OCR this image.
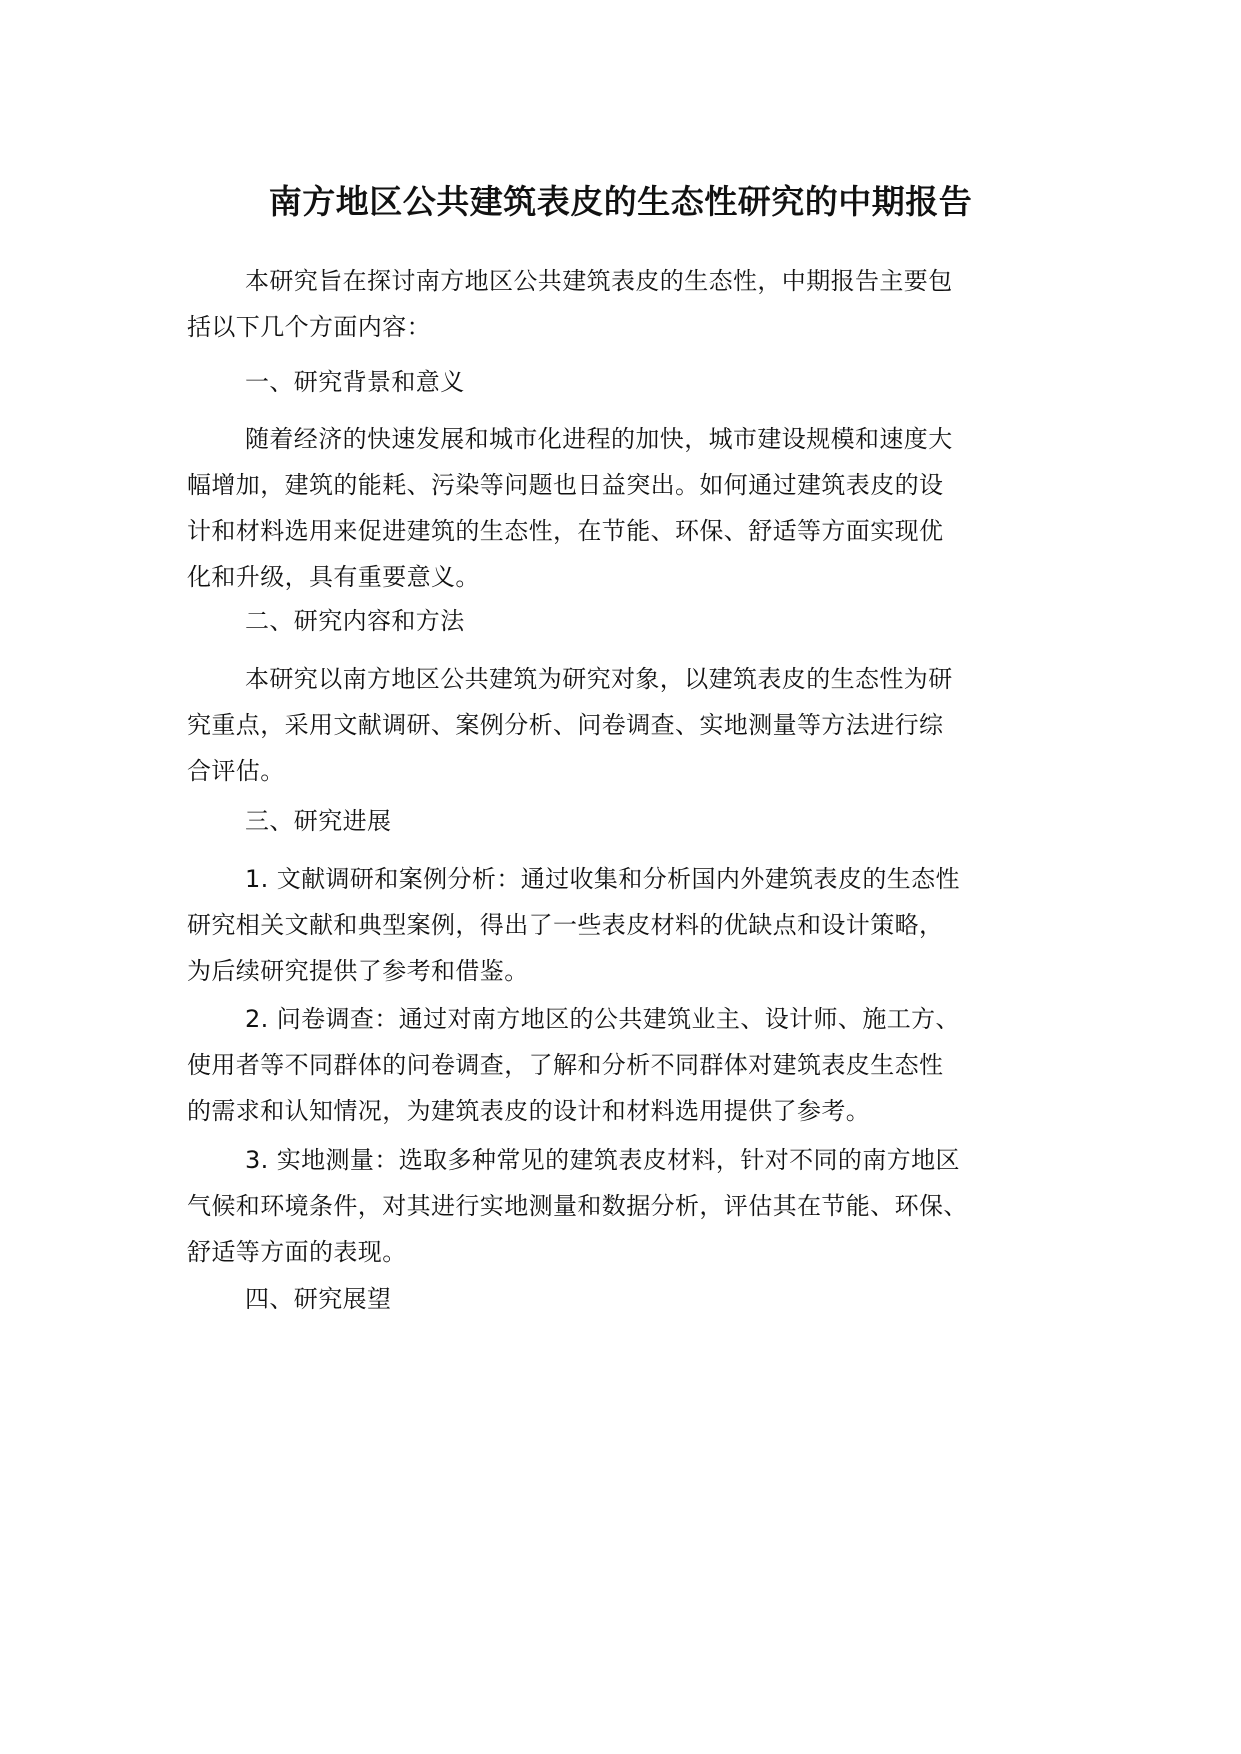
南方地区公共建筑表皮的生态性研究的中期报告

本研究旨在探讨南方地区公共建筑表皮的生态性，中期报告主要包
括以下几个方面内容：

一、研究背景和意义

随着经济的快速发展和城市化进程的加快，城市建设规模和速度大
幅增加，建筑的能耗、污染等问题也日益突出。如何通过建筑表皮的设
计和材料选用来促进建筑的生态性，在节能、环保、舒适等方面实现优
化和升级，具有重要意义。

二、研究内容和方法

本研究以南方地区公共建筑为研究对象，以建筑表皮的生态性为研
究重点，采用文献调研、案例分析、问卷调查、实地测量等方法进行综
合评估。

三、研究进展

1. 文献调研和案例分析：通过收集和分析国内外建筑表皮的生态性
研究相关文献和典型案例，得出了一些表皮材料的优缺点和设计策略，
为后续研究提供了参考和借鉴。

2. 问卷调查：通过对南方地区的公共建筑业主、设计师、施工方、
使用者等不同群体的问卷调查，了解和分析不同群体对建筑表皮生态性
的需求和认知情况，为建筑表皮的设计和材料选用提供了参考。

3. 实地测量：选取多种常见的建筑表皮材料，针对不同的南方地区
气候和环境条件，对其进行实地测量和数据分析，评估其在节能、环保、
舒适等方面的表现。

四、研究展望
